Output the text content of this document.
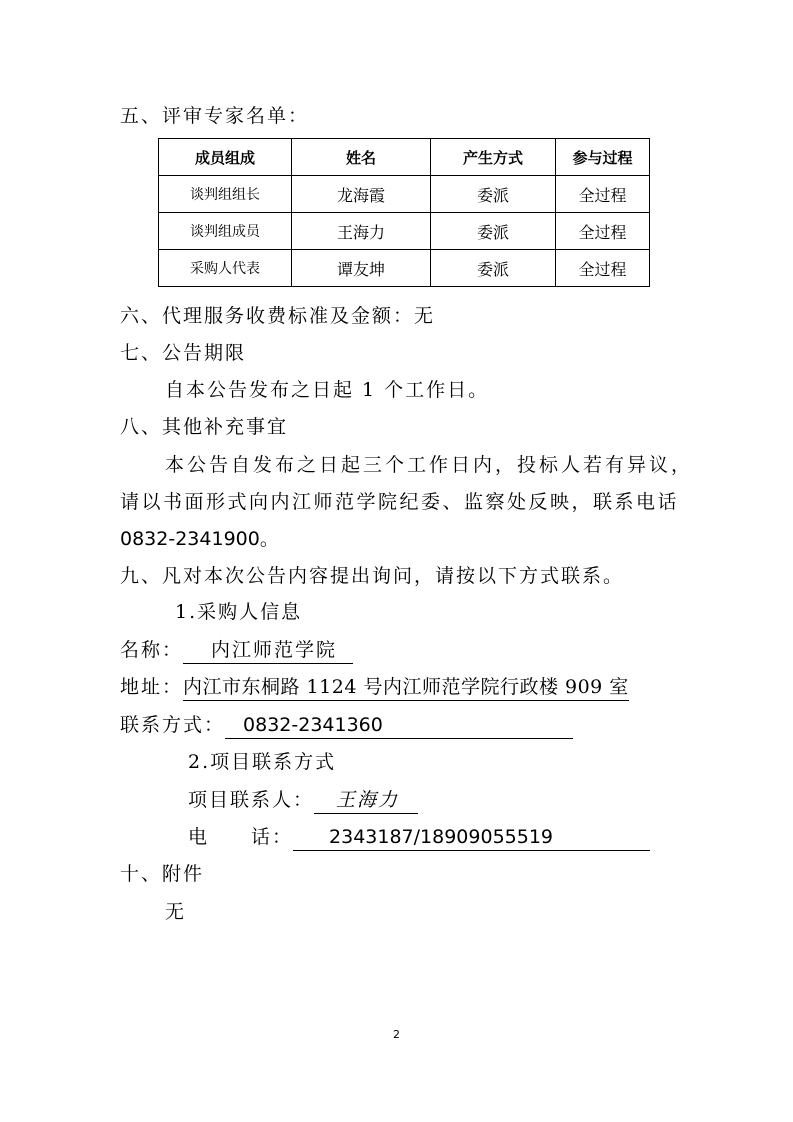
五、评审专家名单：
成员组成	姓名	产生方式	参与过程
谈判组组长	龙海霞	委派	全过程
谈判组成员	王海力	委派	全过程
采购人代表	谭友坤	委派	全过程
六、代理服务收费标准及金额：无
七、公告期限
自本公告发布之日起 1 个工作日。
八、其他补充事宜
本公告自发布之日起三个工作日内，投标人若有异议，
请以书面形式向内江师范学院纪委、监察处反映，联系电话
0832-2341900。
九、凡对本次公告内容提出询问，请按以下方式联系。
1.采购人信息
名称： 内江师范学院
地址：内江市东桐路 1124 号内江师范学院行政楼 909 室
联系方式： 0832-2341360
2.项目联系方式
项目联系人： 王海力
电　　话： 2343187/18909055519
十、附件
无
2
